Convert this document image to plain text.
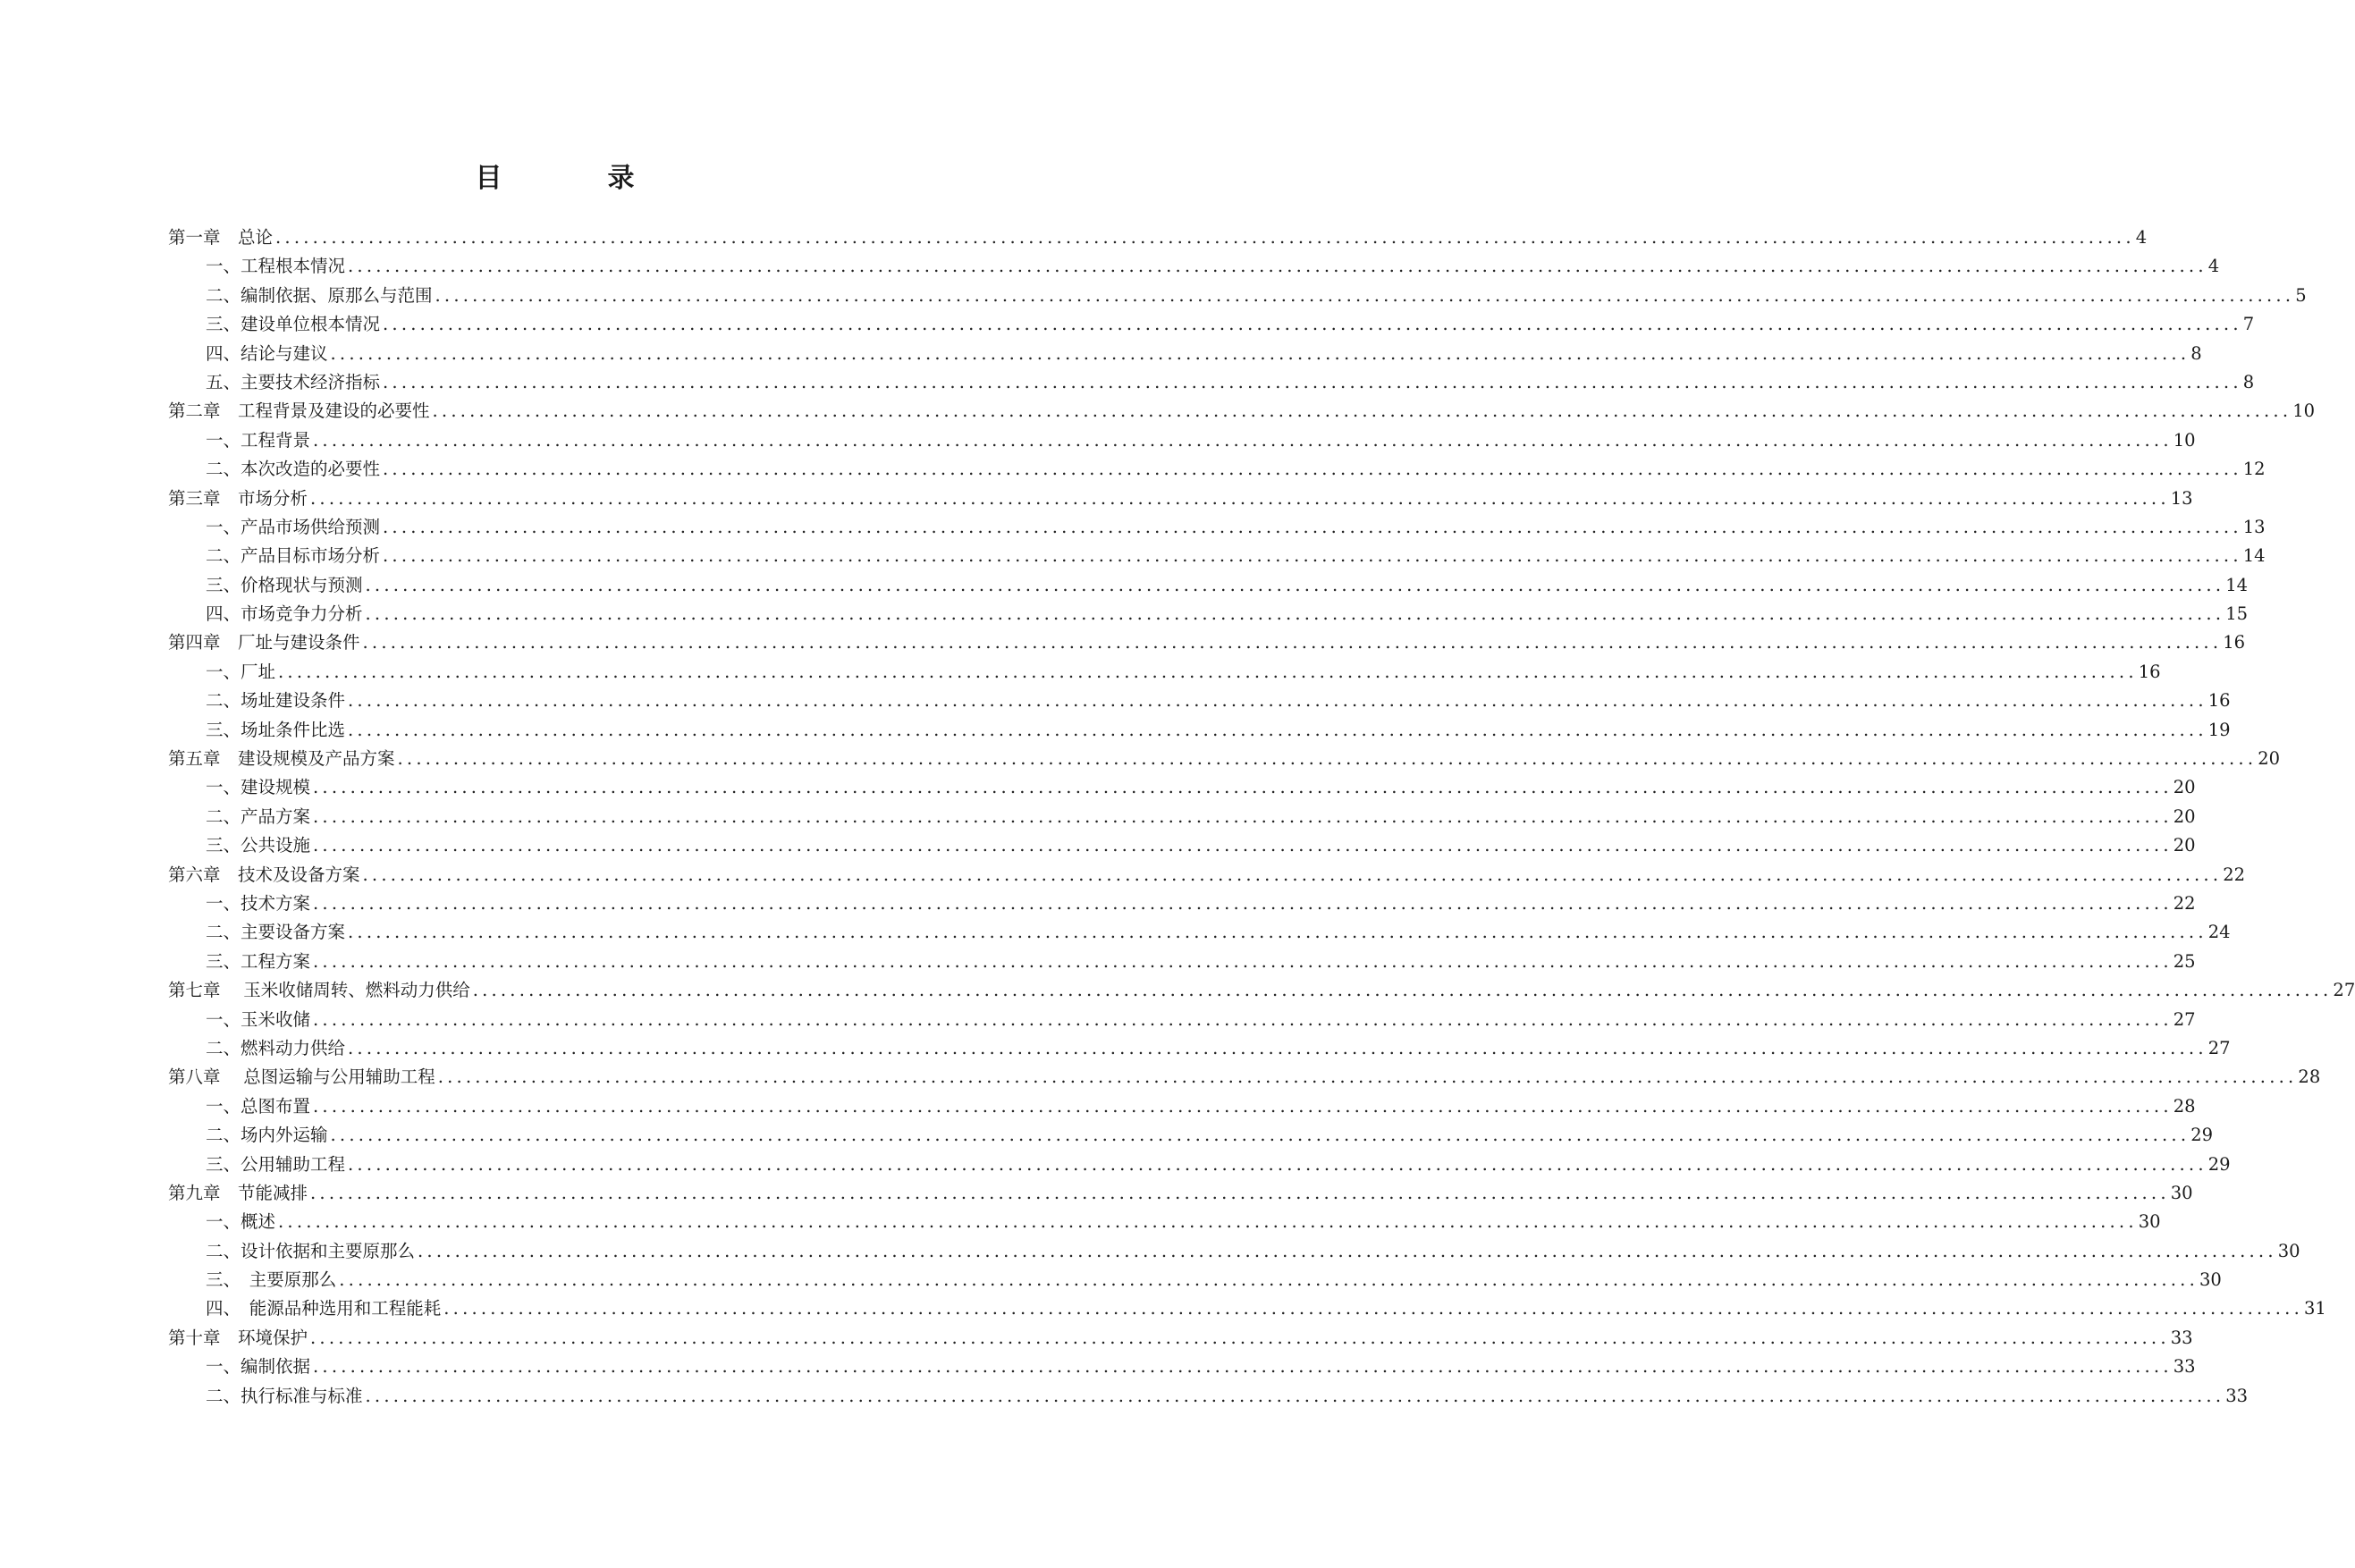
目　录
第一章　总论 ........................................................................................................................................................................................................ 4
一、工程根本情况 ........................................................................................................................................................................................................ 4
二、编制依据、原那么与范围 ........................................................................................................................................................................................................ 5
三、建设单位根本情况 ........................................................................................................................................................................................................ 7
四、结论与建议 ........................................................................................................................................................................................................ 8
五、主要技术经济指标 ........................................................................................................................................................................................................ 8
第二章　工程背景及建设的必要性 ........................................................................................................................................................................................................ 10
一、工程背景 ........................................................................................................................................................................................................ 10
二、本次改造的必要性 ........................................................................................................................................................................................................ 12
第三章　市场分析 ........................................................................................................................................................................................................ 13
一、产品市场供给预测 ........................................................................................................................................................................................................ 13
二、产品目标市场分析 ........................................................................................................................................................................................................ 14
三、价格现状与预测 ........................................................................................................................................................................................................ 14
四、市场竞争力分析 ........................................................................................................................................................................................................ 15
第四章　厂址与建设条件 ........................................................................................................................................................................................................ 16
一、厂址 ........................................................................................................................................................................................................ 16
二、场址建设条件 ........................................................................................................................................................................................................ 16
三、场址条件比选 ........................................................................................................................................................................................................ 19
第五章　建设规模及产品方案 ........................................................................................................................................................................................................ 20
一、建设规模 ........................................................................................................................................................................................................ 20
二、产品方案 ........................................................................................................................................................................................................ 20
三、公共设施 ........................................................................................................................................................................................................ 20
第六章　技术及设备方案 ........................................................................................................................................................................................................ 22
一、技术方案 ........................................................................................................................................................................................................ 22
二、主要设备方案 ........................................................................................................................................................................................................ 24
三、工程方案 ........................................................................................................................................................................................................ 25
第七章　 玉米收储周转、燃料动力供给 ........................................................................................................................................................................................................ 27
一、玉米收储 ........................................................................................................................................................................................................ 27
二、燃料动力供给 ........................................................................................................................................................................................................ 27
第八章　 总图运输与公用辅助工程 ........................................................................................................................................................................................................ 28
一、总图布置 ........................................................................................................................................................................................................ 28
二、场内外运输 ........................................................................................................................................................................................................ 29
三、公用辅助工程 ........................................................................................................................................................................................................ 29
第九章　节能减排 ........................................................................................................................................................................................................ 30
一、概述 ........................................................................................................................................................................................................ 30
二、设计依据和主要原那么 ........................................................................................................................................................................................................ 30
三、　主要原那么 ........................................................................................................................................................................................................ 30
四、　能源品种选用和工程能耗 ........................................................................................................................................................................................................ 31
第十章　环境保护 ........................................................................................................................................................................................................ 33
一、编制依据 ........................................................................................................................................................................................................ 33
二、执行标准与标准 ........................................................................................................................................................................................................ 33
